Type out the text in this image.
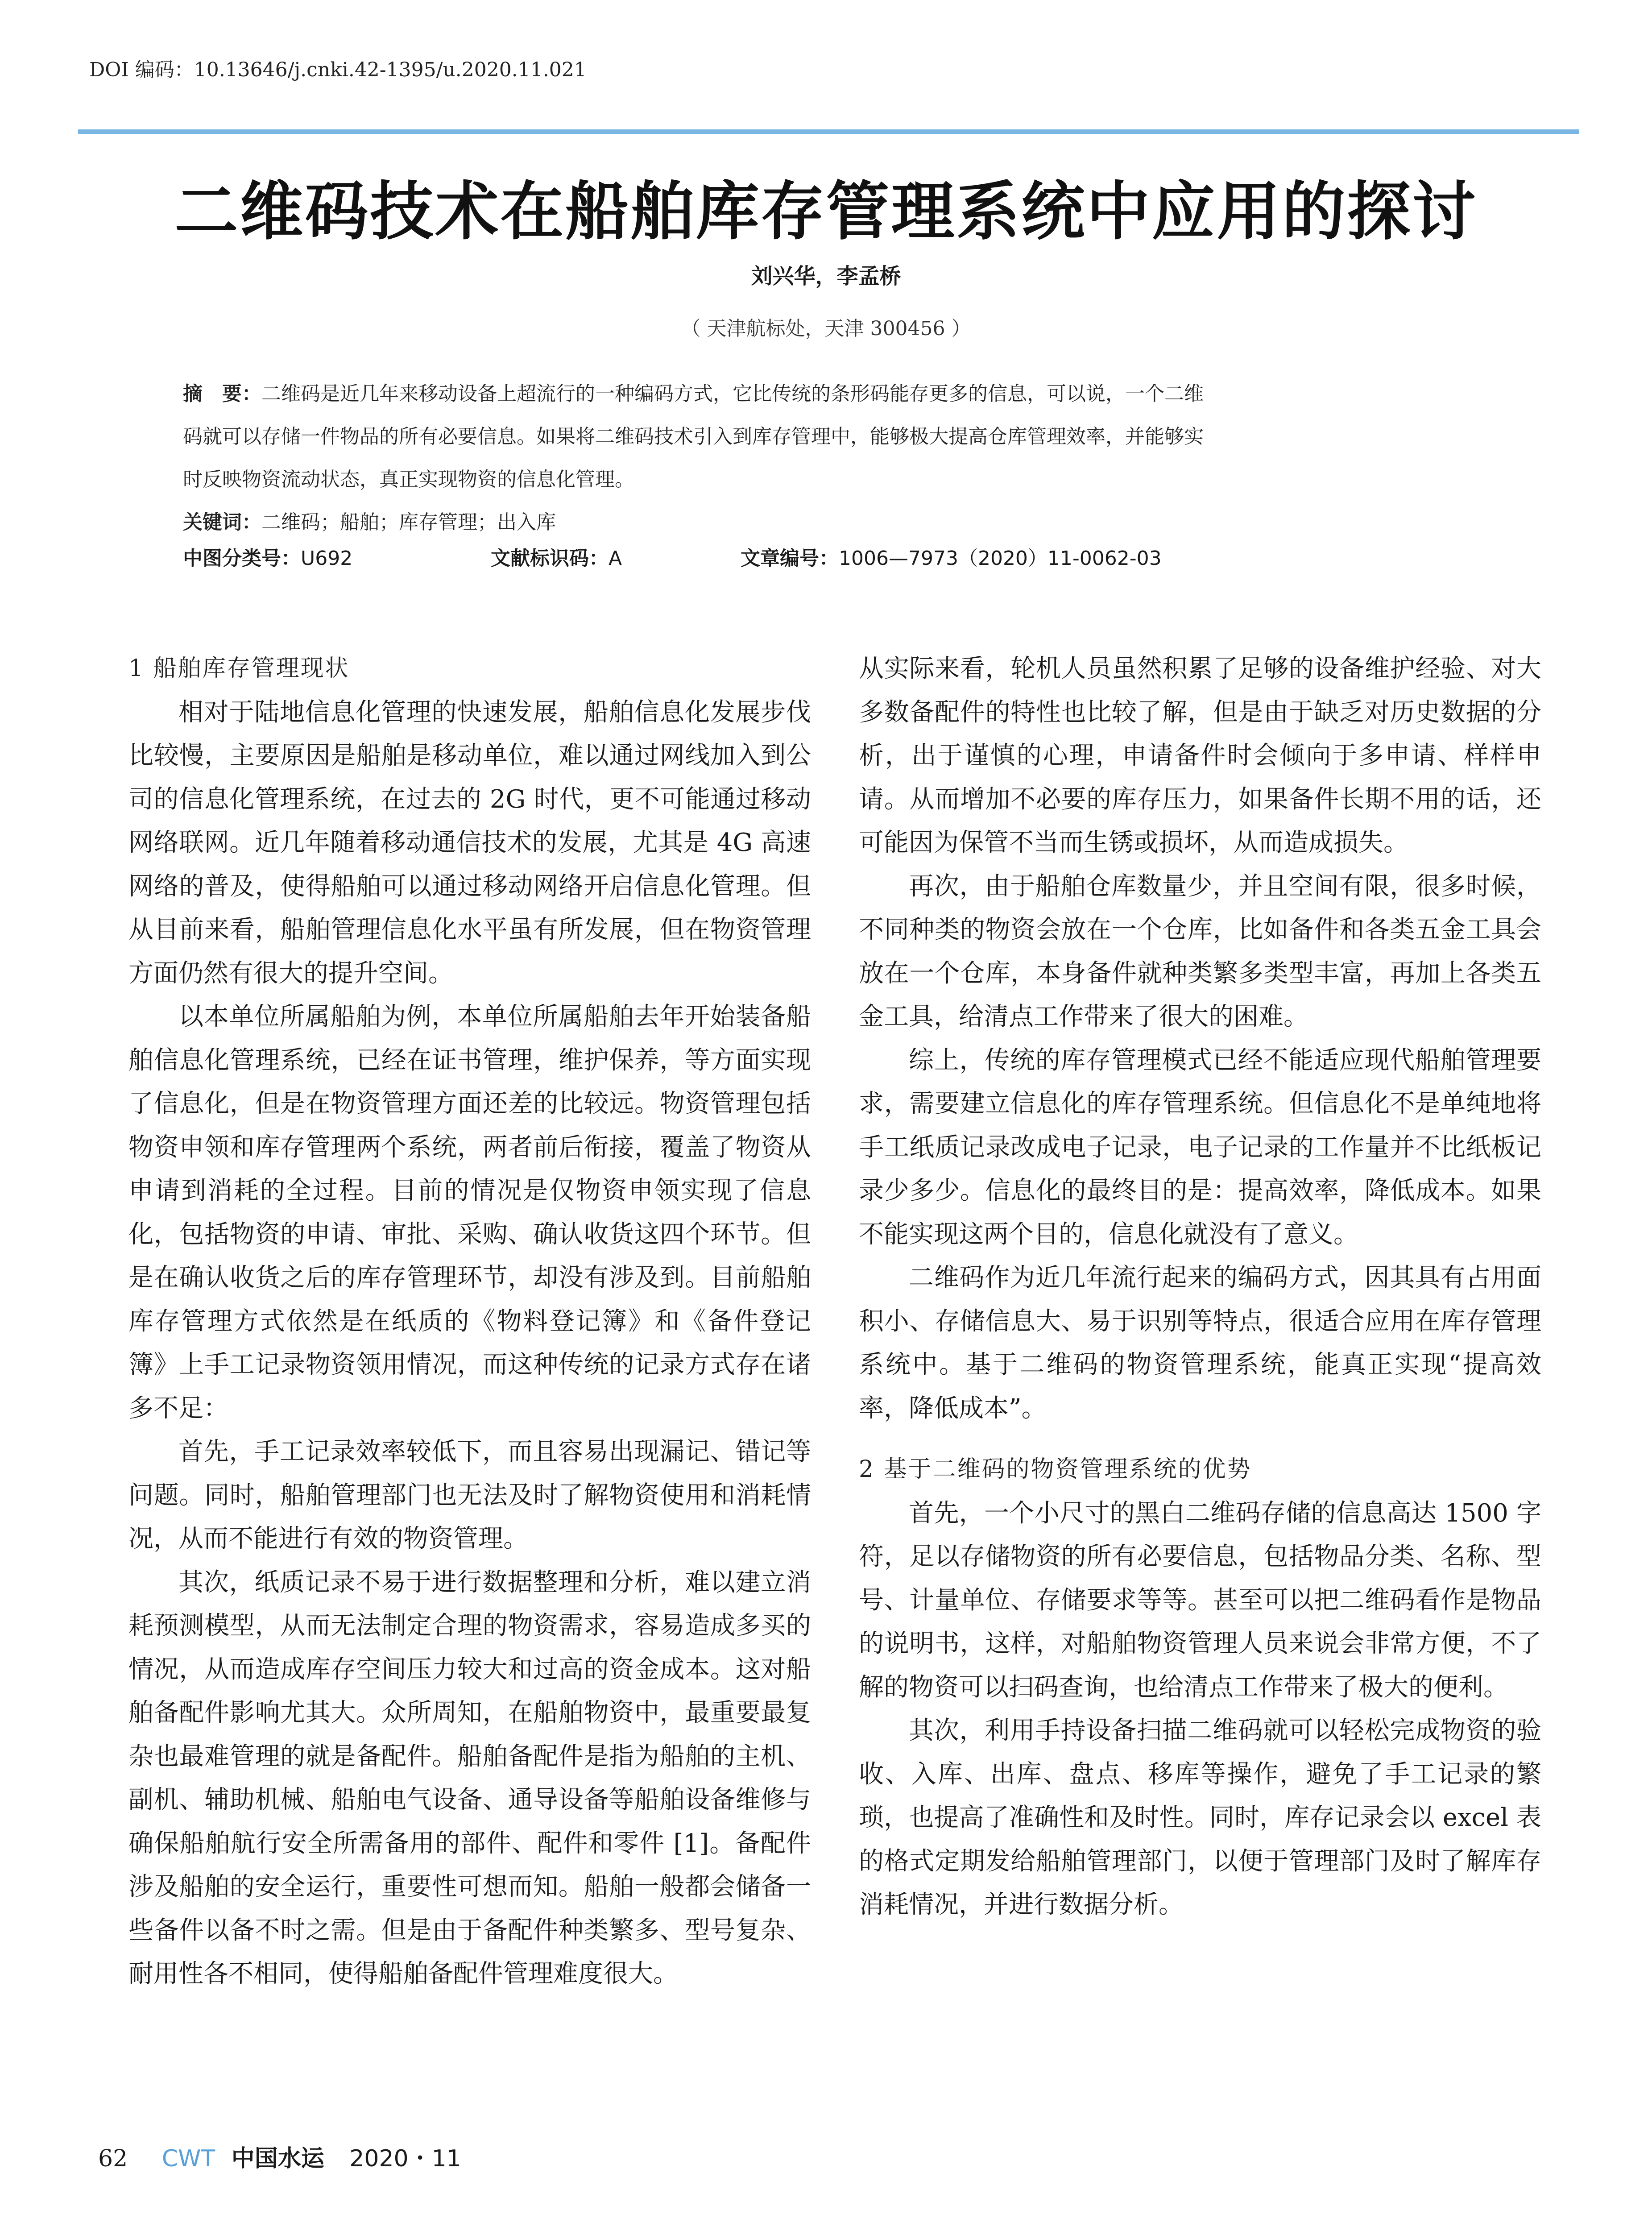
DOI 编码：10.13646/j.cnki.42-1395/u.2020.11.021
二维码技术在船舶库存管理系统中应用的探讨
刘兴华，李孟桥
（ 天津航标处，天津 300456 ）
摘　要：二维码是近几年来移动设备上超流行的一种编码方式，它比传统的条形码能存更多的信息，可以说，一个二维
码就可以存储一件物品的所有必要信息。如果将二维码技术引入到库存管理中，能够极大提高仓库管理效率，并能够实
时反映物资流动状态，真正实现物资的信息化管理。
关键词：二维码；船舶；库存管理；出入库
中图分类号：U692	文献标识码：A	文章编号：1006—7973（2020）11-0062-03
1 船舶库存管理现状

相对于陆地信息化管理的快速发展，船舶信息化发展步伐比较慢，主要原因是船舶是移动单位，难以通过网线加入到公司的信息化管理系统，在过去的 2G 时代，更不可能通过移动网络联网。近几年随着移动通信技术的发展，尤其是 4G 高速网络的普及，使得船舶可以通过移动网络开启信息化管理。但从目前来看，船舶管理信息化水平虽有所发展，但在物资管理方面仍然有很大的提升空间。

以本单位所属船舶为例，本单位所属船舶去年开始装备船舶信息化管理系统，已经在证书管理，维护保养，等方面实现了信息化，但是在物资管理方面还差的比较远。物资管理包括物资申领和库存管理两个系统，两者前后衔接，覆盖了物资从申请到消耗的全过程。目前的情况是仅物资申领实现了信息化，包括物资的申请、审批、采购、确认收货这四个环节。但是在确认收货之后的库存管理环节，却没有涉及到。目前船舶库存管理方式依然是在纸质的《物料登记簿》和《备件登记簿》上手工记录物资领用情况，而这种传统的记录方式存在诸多不足：

首先，手工记录效率较低下，而且容易出现漏记、错记等问题。同时，船舶管理部门也无法及时了解物资使用和消耗情况，从而不能进行有效的物资管理。

其次，纸质记录不易于进行数据整理和分析，难以建立消耗预测模型，从而无法制定合理的物资需求，容易造成多买的情况，从而造成库存空间压力较大和过高的资金成本。这对船舶备配件影响尤其大。众所周知，在船舶物资中，最重要最复杂也最难管理的就是备配件。船舶备配件是指为船舶的主机、副机、辅助机械、船舶电气设备、通导设备等船舶设备维修与确保船舶航行安全所需备用的部件、配件和零件 [1]。备配件涉及船舶的安全运行，重要性可想而知。船舶一般都会储备一些备件以备不时之需。但是由于备配件种类繁多、型号复杂、耐用性各不相同，使得船舶备配件管理难度很大。

从实际来看，轮机人员虽然积累了足够的设备维护经验、对大多数备配件的特性也比较了解，但是由于缺乏对历史数据的分析，出于谨慎的心理，申请备件时会倾向于多申请、样样申请。从而增加不必要的库存压力，如果备件长期不用的话，还可能因为保管不当而生锈或损坏，从而造成损失。

再次，由于船舶仓库数量少，并且空间有限，很多时候，不同种类的物资会放在一个仓库，比如备件和各类五金工具会放在一个仓库，本身备件就种类繁多类型丰富，再加上各类五金工具，给清点工作带来了很大的困难。

综上，传统的库存管理模式已经不能适应现代船舶管理要求，需要建立信息化的库存管理系统。但信息化不是单纯地将手工纸质记录改成电子记录，电子记录的工作量并不比纸板记录少多少。信息化的最终目的是：提高效率，降低成本。如果不能实现这两个目的，信息化就没有了意义。

二维码作为近几年流行起来的编码方式，因其具有占用面积小、存储信息大、易于识别等特点，很适合应用在库存管理系统中。基于二维码的物资管理系统，能真正实现“提高效率，降低成本”。

2 基于二维码的物资管理系统的优势

首先，一个小尺寸的黑白二维码存储的信息高达 1500 字符，足以存储物资的所有必要信息，包括物品分类、名称、型号、计量单位、存储要求等等。甚至可以把二维码看作是物品的说明书，这样，对船舶物资管理人员来说会非常方便，不了解的物资可以扫码查询，也给清点工作带来了极大的便利。

其次，利用手持设备扫描二维码就可以轻松完成物资的验收、入库、出库、盘点、移库等操作，避免了手工记录的繁琐，也提高了准确性和及时性。同时，库存记录会以 excel 表的格式定期发给船舶管理部门，以便于管理部门及时了解库存消耗情况，并进行数据分析。

62 CWT 中国水运 2020・11
